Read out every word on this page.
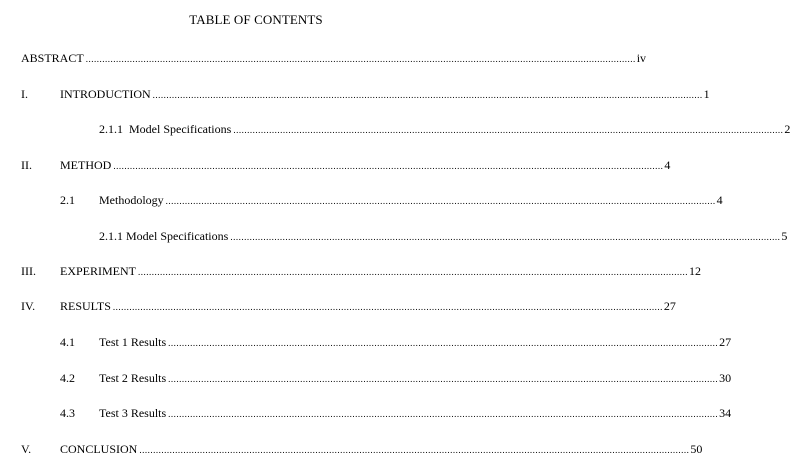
TABLE OF CONTENTS
ABSTRACT ........................................................................................................................................................................................................ iv
I.	INTRODUCTION ........................................................................................................................................................................................................ 1
2.1.1  Model Specifications ........................................................................................................................................................................................................ 2
II. METHOD ........................................................................................................................................................................................................ 4
2.1 Methodology ........................................................................................................................................................................................................ 4
2.1.1 Model Specifications ........................................................................................................................................................................................................ 5
III. EXPERIMENT ........................................................................................................................................................................................................ 12
IV. RESULTS ........................................................................................................................................................................................................ 27
4.1 Test 1 Results ........................................................................................................................................................................................................ 27
4.2 Test 2 Results ........................................................................................................................................................................................................ 30
4.3 Test 3 Results ........................................................................................................................................................................................................ 34
V. CONCLUSION ........................................................................................................................................................................................................ 50
